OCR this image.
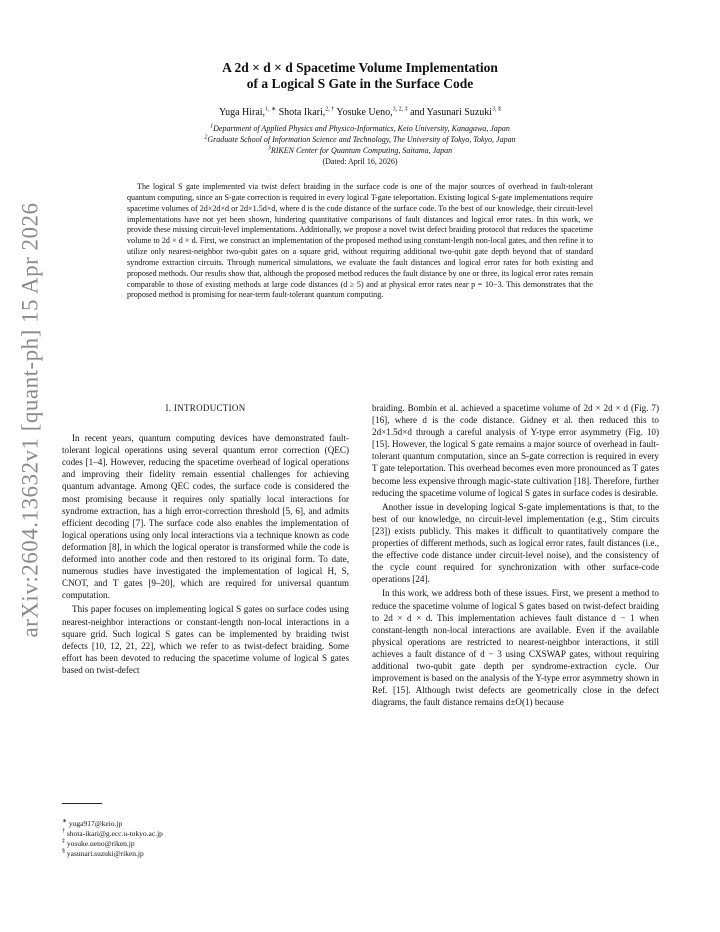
arXiv:2604.13632v1 [quant-ph] 15 Apr 2026
A 2d × d × d Spacetime Volume Implementation
of a Logical S Gate in the Surface Code
Yuga Hirai,$^{1, ∗}$ Shota Ikari,$^{2, \dagger}$ Yosuke Ueno,$^{3, 2, \ddagger}$ and Yasunari Suzuki$^{3, \S}$
$^1$Department of Applied Physics and Physico-Informatics, Keio University, Kanagawa, Japan
$^2$Graduate School of Information Science and Technology, The University of Tokyo, Tokyo, Japan
$^3$RIKEN Center for Quantum Computing, Saitama, Japan
(Dated: April 16, 2026)

The logical S gate implemented via twist defect braiding in the surface code is one of the major sources of overhead in fault-tolerant quantum computing, since an S-gate correction is required in every logical T-gate teleportation. Existing logical S-gate implementations require spacetime volumes of 2d×2d×d or 2d×1.5d×d, where d is the code distance of the surface code. To the best of our knowledge, their circuit-level implementations have not yet been shown, hindering quantitative comparisons of fault distances and logical error rates. In this work, we provide these missing circuit-level implementations. Additionally, we propose a novel twist defect braiding protocol that reduces the spacetime volume to 2d × d × d. First, we construct an implementation of the proposed method using constant-length non-local gates, and then refine it to utilize only nearest-neighbor two-qubit gates on a square grid, without requiring additional two-qubit gate depth beyond that of standard syndrome extraction circuits. Through numerical simulations, we evaluate the fault distances and logical error rates for both existing and proposed methods. Our results show that, although the proposed method reduces the fault distance by one or three, its logical error rates remain comparable to those of existing methods at large code distances (d ≥ 5) and at physical error rates near p = 10−3. This demonstrates that the proposed method is promising for near-term fault-tolerant quantum computing.

I. INTRODUCTION

In recent years, quantum computing devices have demonstrated fault-tolerant logical operations using several quantum error correction (QEC) codes [1–4]. However, reducing the spacetime overhead of logical operations and improving their fidelity remain essential challenges for achieving quantum advantage. Among QEC codes, the surface code is considered the most promising because it requires only spatially local interactions for syndrome extraction, has a high error-correction threshold [5, 6], and admits efficient decoding [7]. The surface code also enables the implementation of logical operations using only local interactions via a technique known as code deformation [8], in which the logical operator is transformed while the code is deformed into another code and then restored to its original form. To date, numerous studies have investigated the implementation of logical H, S, CNOT, and T gates [9–20], which are required for universal quantum computation.

This paper focuses on implementing logical S gates on surface codes using nearest-neighbor interactions or constant-length non-local interactions in a square grid. Such logical S gates can be implemented by braiding twist defects [10, 12, 21, 22], which we refer to as twist-defect braiding. Some effort has been devoted to reducing the spacetime volume of logical S gates based on twist-defect

braiding. Bombín et al. achieved a spacetime volume of 2d × 2d × d (Fig. 7) [16], where d is the code distance. Gidney et al. then reduced this to 2d×1.5d×d through a careful analysis of Y-type error asymmetry (Fig. 10) [15]. However, the logical S gate remains a major source of overhead in fault-tolerant quantum computation, since an S-gate correction is required in every T gate teleportation. This overhead becomes even more pronounced as T gates become less expensive through magic-state cultivation [18]. Therefore, further reducing the spacetime volume of logical S gates in surface codes is desirable.

Another issue in developing logical S-gate implementations is that, to the best of our knowledge, no circuit-level implementation (e.g., Stim circuits [23]) exists publicly. This makes it difficult to quantitatively compare the properties of different methods, such as logical error rates, fault distances (i.e., the effective code distance under circuit-level noise), and the consistency of the cycle count required for synchronization with other surface-code operations [24].

In this work, we address both of these issues. First, we present a method to reduce the spacetime volume of logical S gates based on twist-defect braiding to 2d × d × d. This implementation achieves fault distance d − 1 when constant-length non-local interactions are available. Even if the available physical operations are restricted to nearest-neighbor interactions, it still achieves a fault distance of d − 3 using CXSWAP gates, without requiring additional two-qubit gate depth per syndrome-extraction cycle. Our improvement is based on the analysis of the Y-type error asymmetry shown in Ref. [15]. Although twist defects are geometrically close in the defect diagrams, the fault distance remains d±O(1) because

∗ yuga917@keio.jp
† shota-ikari@g.ecc.u-tokyo.ac.jp
‡ yosuke.ueno@riken.jp
§ yasunari.suzuki@riken.jp
